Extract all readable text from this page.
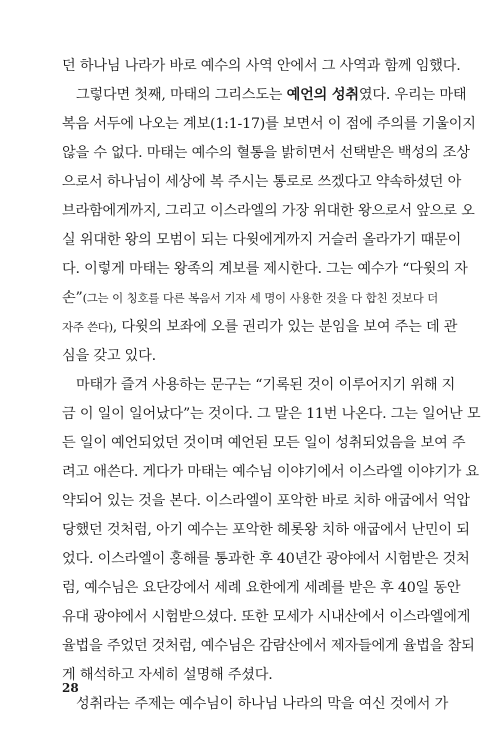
던 하나님 나라가 바로 예수의 사역 안에서 그 사역과 함께 임했다.
그렇다면 첫째, 마태의 그리스도는 예언의 성취였다. 우리는 마태
복음 서두에 나오는 계보(1:1-17)를 보면서 이 점에 주의를 기울이지
않을 수 없다. 마태는 예수의 혈통을 밝히면서 선택받은 백성의 조상
으로서 하나님이 세상에 복 주시는 통로로 쓰겠다고 약속하셨던 아
브라함에게까지, 그리고 이스라엘의 가장 위대한 왕으로서 앞으로 오
실 위대한 왕의 모범이 되는 다윗에게까지 거슬러 올라가기 때문이
다. 이렇게 마태는 왕족의 계보를 제시한다. 그는 예수가 “다윗의 자
손”(그는 이 칭호를 다른 복음서 기자 세 명이 사용한 것을 다 합친 것보다 더
자주 쓴다), 다윗의 보좌에 오를 권리가 있는 분임을 보여 주는 데 관
심을 갖고 있다.
마태가 즐겨 사용하는 문구는 “기록된 것이 이루어지기 위해 지
금 이 일이 일어났다”는 것이다. 그 말은 11번 나온다. 그는 일어난 모
든 일이 예언되었던 것이며 예언된 모든 일이 성취되었음을 보여 주
려고 애쓴다. 게다가 마태는 예수님 이야기에서 이스라엘 이야기가 요
약되어 있는 것을 본다. 이스라엘이 포악한 바로 치하 애굽에서 억압
당했던 것처럼, 아기 예수는 포악한 헤롯왕 치하 애굽에서 난민이 되
었다. 이스라엘이 홍해를 통과한 후 40년간 광야에서 시험받은 것처
럼, 예수님은 요단강에서 세례 요한에게 세례를 받은 후 40일 동안
유대 광야에서 시험받으셨다. 또한 모세가 시내산에서 이스라엘에게
율법을 주었던 것처럼, 예수님은 감람산에서 제자들에게 율법을 참되
게 해석하고 자세히 설명해 주셨다.
성취라는 주제는 예수님이 하나님 나라의 막을 여신 것에서 가
28
